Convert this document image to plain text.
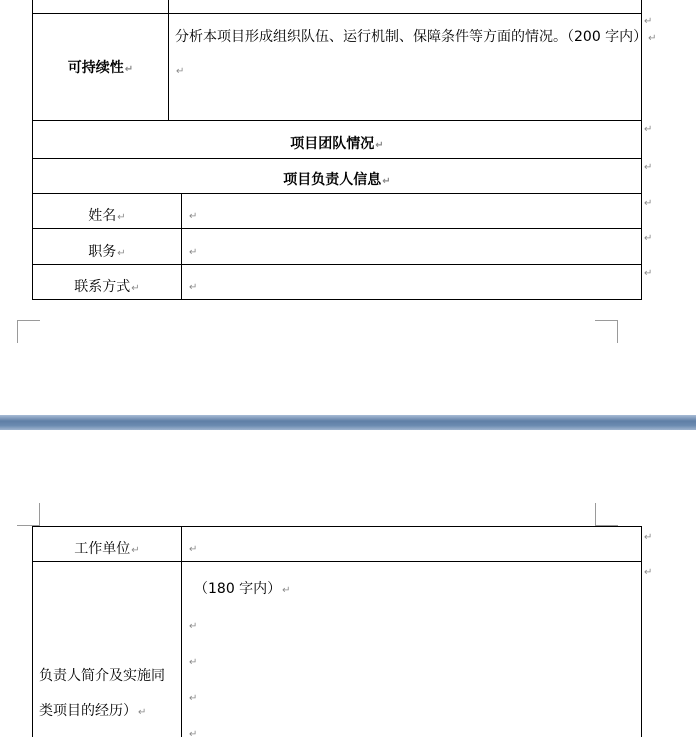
可持续性↵	分析本项目形成组织队伍、运行机制、保障条件等方面的情况。（200 字内）↵
↵	

项目团队情况↵		
项目负责人信息↵		
姓名↵		↵
职务↵		↵
联系方式↵		↵
↵
↵
↵
↵
↵
↵
工作单位↵	↵

负责人简介及实施同
类项目的经历）↵	（180 字内）↵
↵
↵
↵
↵
↵
↵
